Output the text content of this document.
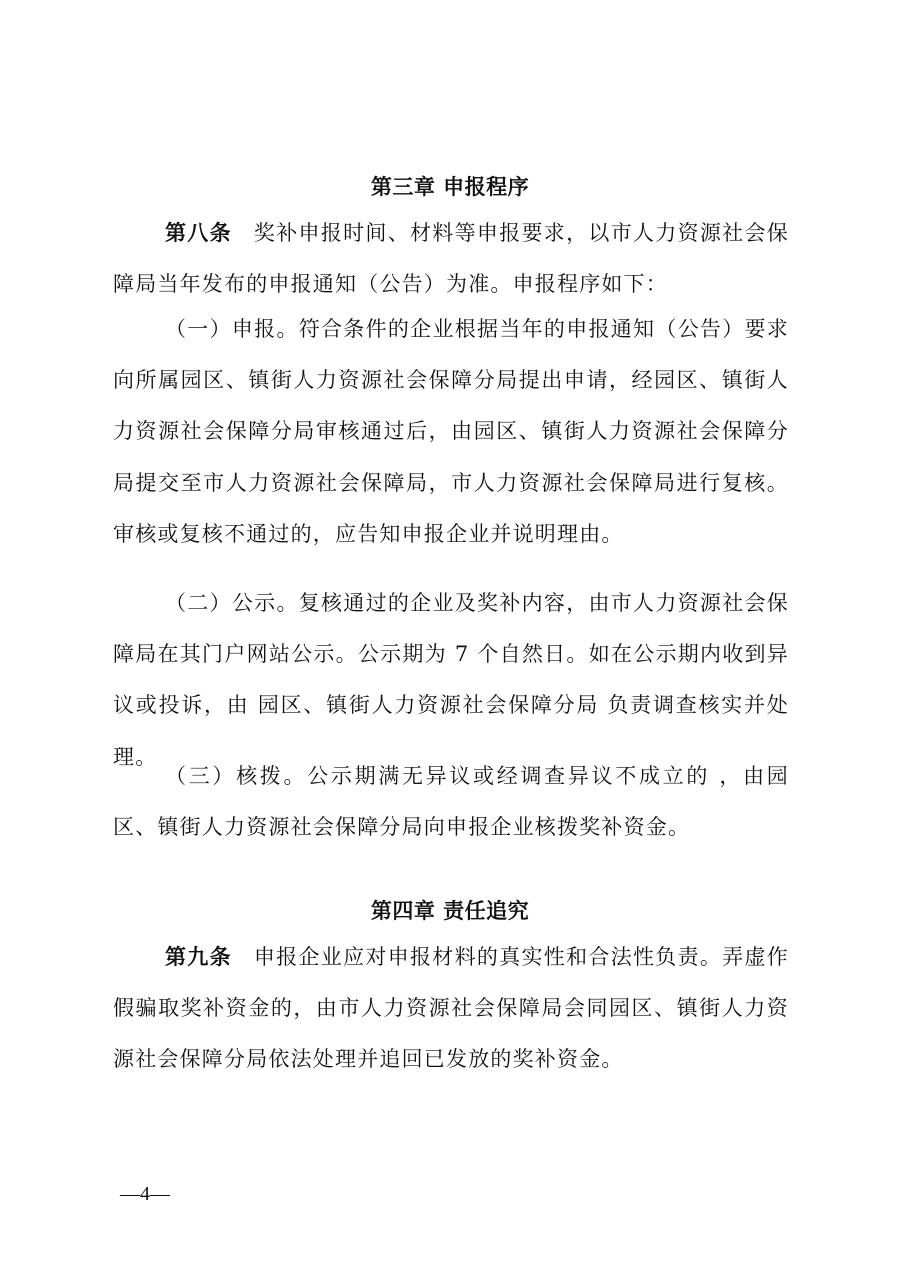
第三章 申报程序

第八条 奖补申报时间、材料等申报要求，以市人力资源社会保障局当年发布的申报通知（公告）为准。申报程序如下：

（一）申报。符合条件的企业根据当年的申报通知（公告）要求向所属园区、镇街人力资源社会保障分局提出申请，经园区、镇街人力资源社会保障分局审核通过后，由园区、镇街人力资源社会保障分局提交至市人力资源社会保障局，市人力资源社会保障局进行复核。审核或复核不通过的，应告知申报企业并说明理由。

（二）公示。复核通过的企业及奖补内容，由市人力资源社会保障局在其门户网站公示。公示期为 7 个自然日。如在公示期内收到异议或投诉，由 园区、镇街人力资源社会保障分局 负责调查核实并处理。

（三）核拨。公示期满无异议或经调查异议不成立的 ，由园区、镇街人力资源社会保障分局向申报企业核拨奖补资金。

第四章 责任追究

第九条 申报企业应对申报材料的真实性和合法性负责。弄虚作假骗取奖补资金的，由市人力资源社会保障局会同园区、镇街人力资源社会保障分局依法处理并追回已发放的奖补资金。

—4—
